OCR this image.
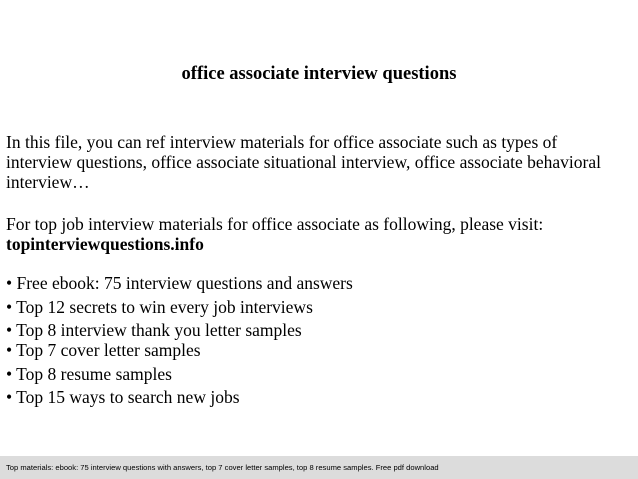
office associate interview questions
In this file, you can ref interview materials for office associate such as types of
interview questions, office associate situational interview, office associate behavioral
interview…
For top job interview materials for office associate as following, please visit:
topinterviewquestions.info
• Free ebook: 75 interview questions and answers
• Top 12 secrets to win every job interviews
• Top 8 interview thank you letter samples
• Top 7 cover letter samples
• Top 8 resume samples
• Top 15 ways to search new jobs
Top materials: ebook: 75 interview questions with answers, top 7 cover letter samples, top 8 resume samples. Free pdf download
